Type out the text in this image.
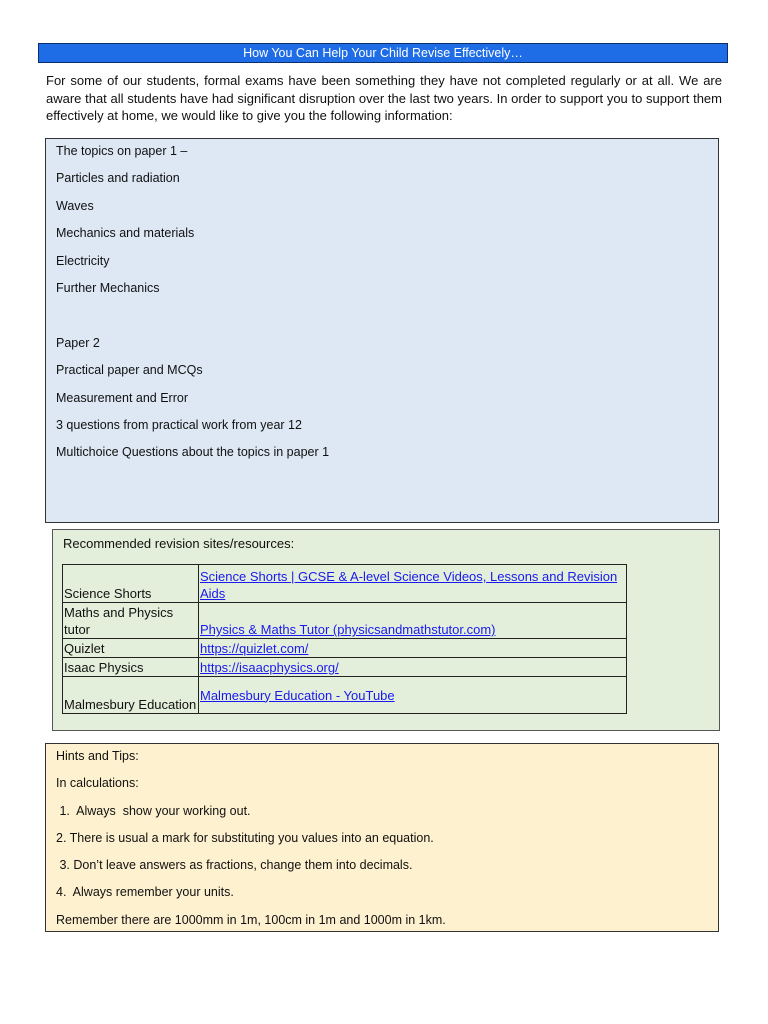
How You Can Help Your Child Revise Effectively…

For some of our students, formal exams have been something they have not completed regularly or at all. We are aware that all students have had significant disruption over the last two years. In order to support you to support them effectively at home, we would like to give you the following information:

The topics on paper 1 –

Particles and radiation

Waves

Mechanics and materials

Electricity

Further Mechanics

Paper 2

Practical paper and MCQs

Measurement and Error

3 questions from practical work from year 12

Multichoice Questions about the topics in paper 1

Recommended revision sites/resources:

Science Shorts	Science Shorts | GCSE & A-level Science Videos, Lessons and Revision Aids
Maths and Physics tutor	Physics & Maths Tutor (physicsandmathstutor.com)
Quizlet	https://quizlet.com/
Isaac Physics	https://isaacphysics.org/
Malmesbury Education	Malmesbury Education - YouTube

Hints and Tips:

In calculations:

1.  Always  show your working out.

2. There is usual a mark for substituting you values into an equation.

3. Don’t leave answers as fractions, change them into decimals.

4.  Always remember your units.

Remember there are 1000mm in 1m, 100cm in 1m and 1000m in 1km.
